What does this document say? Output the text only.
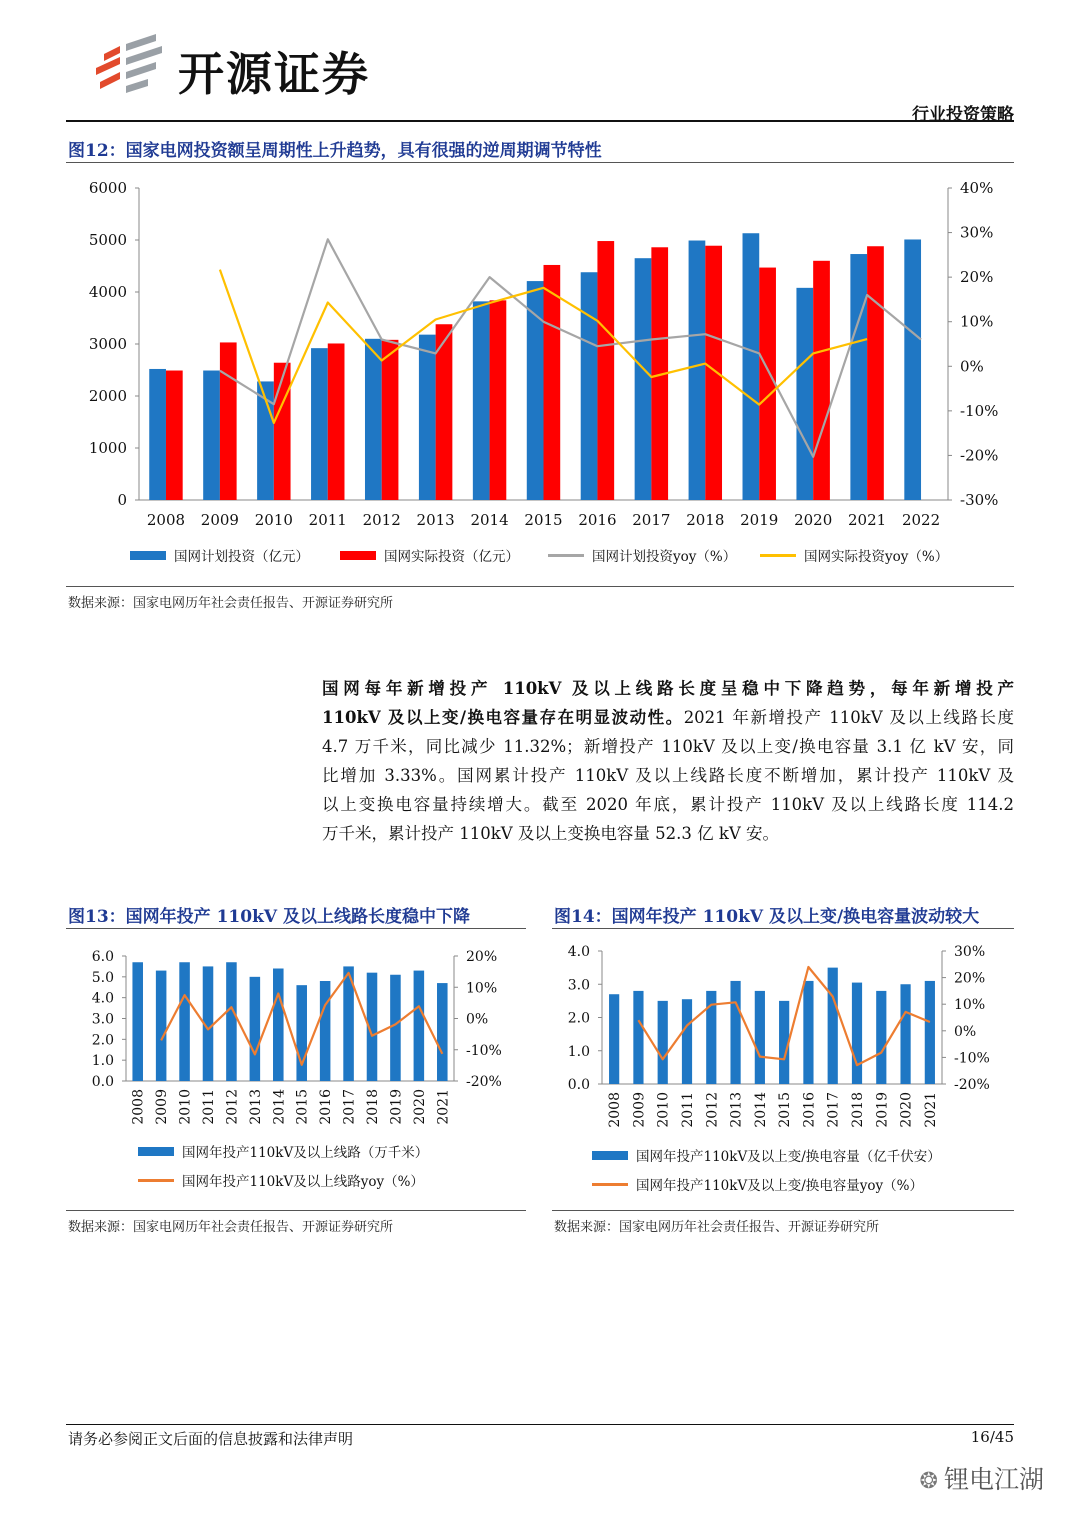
开源证券
行业投资策略
图12：国家电网投资额呈周期性上升趋势，具有很强的逆周期调节特性
0
1000
2000
3000
4000
5000
6000
-30%
-20%
-10%
0%
10%
20%
30%
40%
2008 2009 2010 2011 2012 2013 2014 2015 2016 2017 2018 2019 2020 2021 2022
国网计划投资（亿元）	国网实际投资（亿元）	国网计划投资yoy（%）	国网实际投资yoy（%）
数据来源：国家电网历年社会责任报告、开源证券研究所
国网每年新增投产 110kV 及以上线路长度呈稳中下降趋势，每年新增投产
110kV 及以上变/换电容量存在明显波动性。2021 年新增投产 110kV 及以上线路长度
4.7 万千米，同比减少 11.32%；新增投产 110kV 及以上变/换电容量 3.1 亿 kV 安，同
比增加 3.33%。国网累计投产 110kV 及以上线路长度不断增加，累计投产 110kV 及
以上变换电容量持续增大。截至 2020 年底，累计投产 110kV 及以上线路长度 114.2
万千米，累计投产 110kV 及以上变换电容量 52.3 亿 kV 安。
图13：国网年投产 110kV 及以上线路长度稳中下降
0.0
1.0
2.0
3.0
4.0
5.0
6.0
-20%
-10%
0%
10%
20%
2008 2009 2010 2011 2012 2013 2014 2015 2016 2017 2018 2019 2020 2021
国网年投产110kV及以上线路（万千米）
国网年投产110kV及以上线路yoy（%）
数据来源：国家电网历年社会责任报告、开源证券研究所
图14：国网年投产 110kV 及以上变/换电容量波动较大
0.0
1.0
2.0
3.0
4.0
-20%
-10%
0%
10%
20%
30%
2008 2009 2010 2011 2012 2013 2014 2015 2016 2017 2018 2019 2020 2021
国网年投产110kV及以上变/换电容量（亿千伏安）
国网年投产110kV及以上变/换电容量yoy（%）
数据来源：国家电网历年社会责任报告、开源证券研究所
请务必参阅正文后面的信息披露和法律声明	16/45
❂ 锂电江湖
